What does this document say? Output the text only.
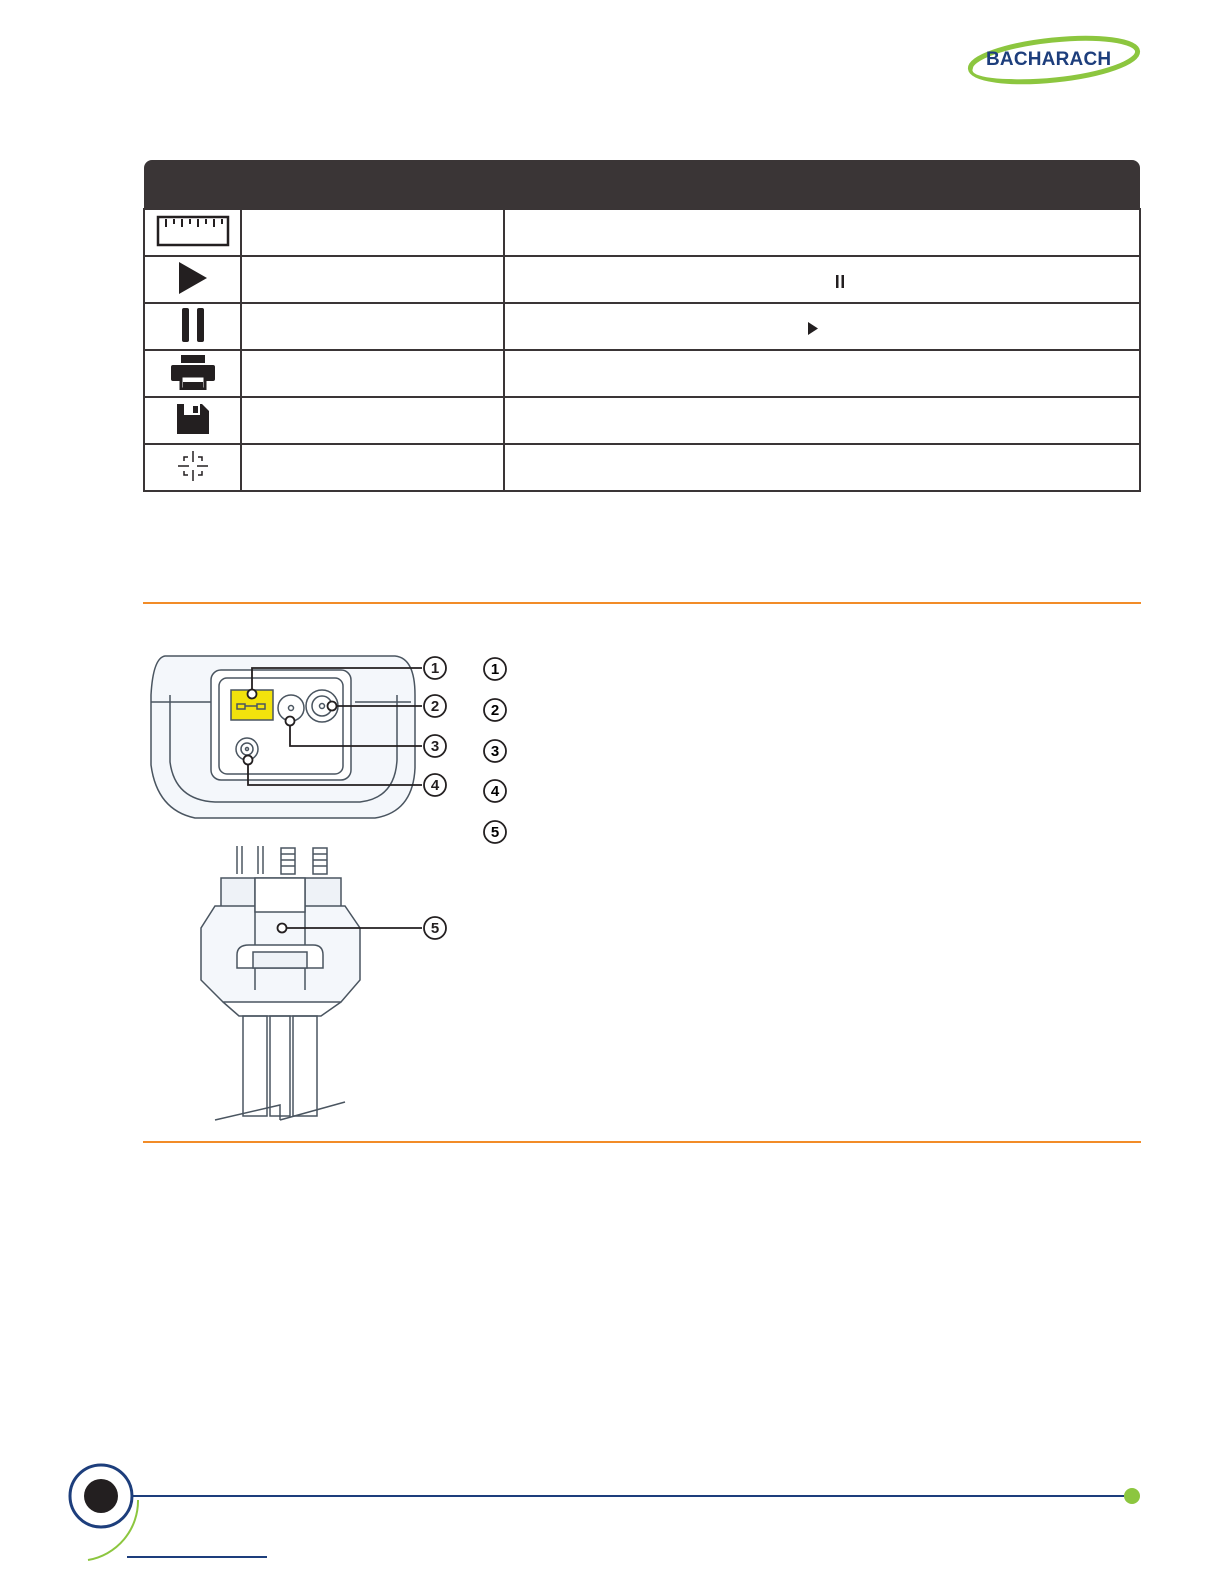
BACHARACH

1
2
3
4
5
1
2
3
4
5
